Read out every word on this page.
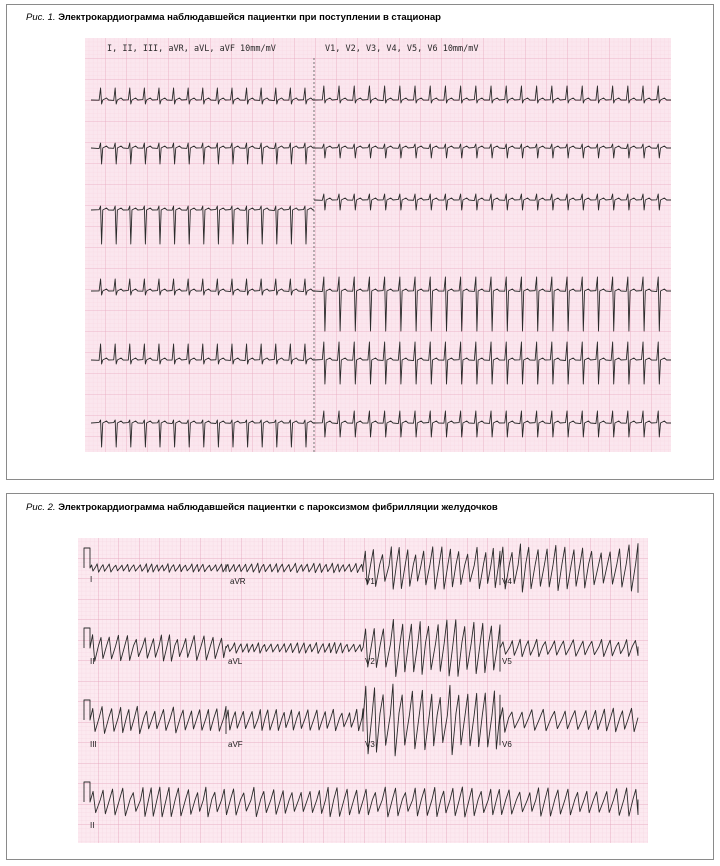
Рис. 1. Электрокардиограмма наблюдавшейся пациентки при поступлении в стационар
I, II, III, aVR, aVL, aVF 10mm/mV	V1, V2, V3, V4, V5, V6 10mm/mV
Рис. 2. Электрокардиограмма наблюдавшейся пациентки с пароксизмом фибрилляции желудочков
I	aVR	V1	V4
II	aVL	V2	V5
III	aVF	V3	V6
II
